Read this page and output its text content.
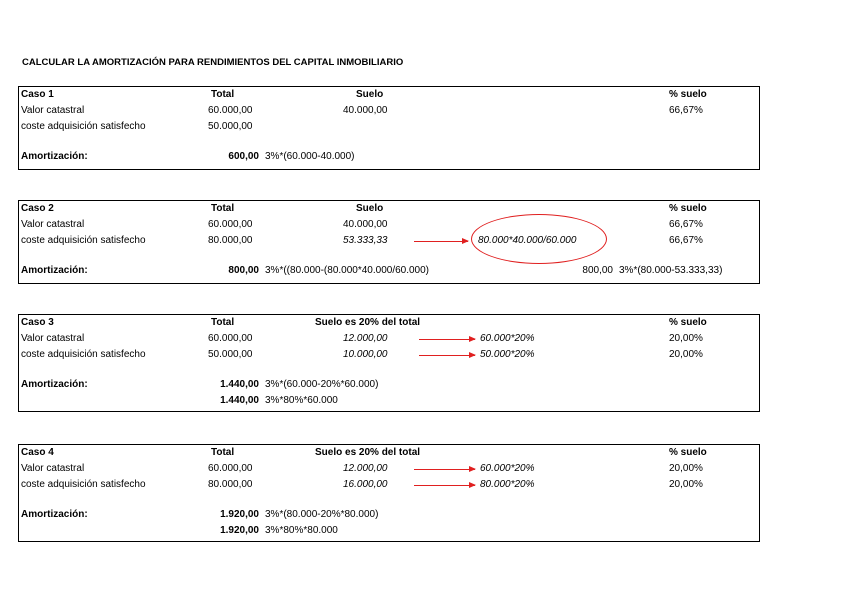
CALCULAR LA AMORTIZACIÓN PARA RENDIMIENTOS DEL CAPITAL INMOBILIARIO
Caso 1	Total	Suelo	% suelo
Valor catastral	60.000,00	40.000,00	66,67%
coste adquisición satisfecho	50.000,00
Amortización:	600,00 3%*(60.000-40.000)
Caso 2	Total	Suelo	% suelo
Valor catastral	60.000,00	40.000,00	66,67%
coste adquisición satisfecho	80.000,00	53.333,33	80.000*40.000/60.000	66,67%
Amortización:	800,00 3%*((80.000-(80.000*40.000/60.000)	800,00 3%*(80.000-53.333,33)
Caso 3	Total	Suelo es 20% del total	% suelo
Valor catastral	60.000,00	12.000,00	60.000*20%	20,00%
coste adquisición satisfecho	50.000,00	10.000,00	50.000*20%	20,00%
Amortización:	1.440,00 3%*(60.000-20%*60.000)
1.440,00 3%*80%*60.000
Caso 4	Total	Suelo es 20% del total	% suelo
Valor catastral	60.000,00	12.000,00	60.000*20%	20,00%
coste adquisición satisfecho	80.000,00	16.000,00	80.000*20%	20,00%
Amortización:	1.920,00 3%*(80.000-20%*80.000)
1.920,00 3%*80%*80.000
